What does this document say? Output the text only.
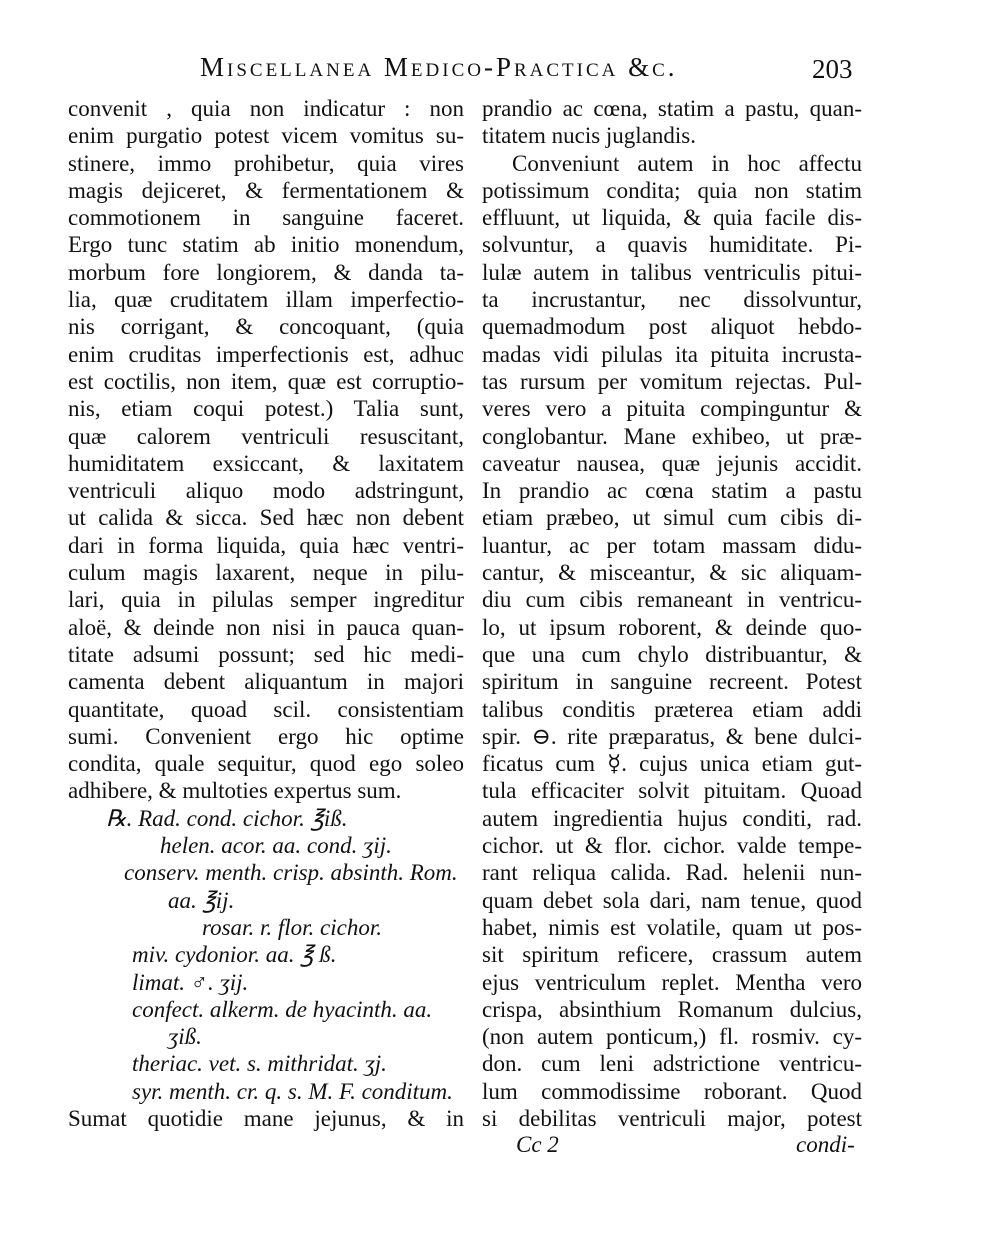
Miscellanea Medico-Practica &c.	203
convenit , quia non indicatur : non
enim purgatio potest vicem vomitus su-
stinere, immo prohibetur, quia vires
magis dejiceret, & fermentationem &
commotionem in sanguine faceret.
Ergo tunc statim ab initio monendum,
morbum fore longiorem, & danda ta-
lia, quæ cruditatem illam imperfectio-
nis corrigant, & concoquant, (quia
enim cruditas imperfectionis est, adhuc
est coctilis, non item, quæ est corruptio-
nis, etiam coqui potest.) Talia sunt,
quæ calorem ventriculi resuscitant,
humiditatem exsiccant, & laxitatem
ventriculi aliquo modo adstringunt,
ut calida & sicca. Sed hæc non debent
dari in forma liquida, quia hæc ventri-
culum magis laxarent, neque in pilu-
lari, quia in pilulas semper ingreditur
aloë, & deinde non nisi in pauca quan-
titate adsumi possunt; sed hic medi-
camenta debent aliquantum in majori
quantitate, quoad scil. consistentiam
sumi. Convenient ergo hic optime
condita, quale sequitur, quod ego soleo
adhibere, & multoties expertus sum.
℞. Rad. cond. cichor. ℥iß.
helen. acor. aa. cond. ʒij.
conserv. menth. crisp. absinth. Rom.
aa. ℥ij.
rosar. r. flor. cichor.
miv. cydonior. aa. ℥ ß.
limat. ♂. ʒij.
confect. alkerm. de hyacinth. aa.
ʒiß.
theriac. vet. s. mithridat. ʒj.
syr. menth. cr. q. s. M. F. conditum.
Sumat quotidie mane jejunus, & in
prandio ac cœna, statim a pastu, quan-
titatem nucis juglandis.
Conveniunt autem in hoc affectu
potissimum condita; quia non statim
effluunt, ut liquida, & quia facile dis-
solvuntur, a quavis humiditate. Pi-
lulæ autem in talibus ventriculis pitui-
ta incrustantur, nec dissolvuntur,
quemadmodum post aliquot hebdo-
madas vidi pilulas ita pituita incrusta-
tas rursum per vomitum rejectas. Pul-
veres vero a pituita compinguntur &
conglobantur. Mane exhibeo, ut præ-
caveatur nausea, quæ jejunis accidit.
In prandio ac cœna statim a pastu
etiam præbeo, ut simul cum cibis di-
luantur, ac per totam massam didu-
cantur, & misceantur, & sic aliquam-
diu cum cibis remaneant in ventricu-
lo, ut ipsum roborent, & deinde quo-
que una cum chylo distribuantur, &
spiritum in sanguine recreent. Potest
talibus conditis præterea etiam addi
spir. ⊖. rite præparatus, & bene dulci-
ficatus cum ☿. cujus unica etiam gut-
tula efficaciter solvit pituitam. Quoad
autem ingredientia hujus conditi, rad.
cichor. ut & flor. cichor. valde tempe-
rant reliqua calida. Rad. helenii nun-
quam debet sola dari, nam tenue, quod
habet, nimis est volatile, quam ut pos-
sit spiritum reficere, crassum autem
ejus ventriculum replet. Mentha vero
crispa, absinthium Romanum dulcius,
(non autem ponticum,) fl. rosmiv. cy-
don. cum leni adstrictione ventricu-
lum commodissime roborant. Quod
si debilitas ventriculi major, potest
Cc 2	condi-
